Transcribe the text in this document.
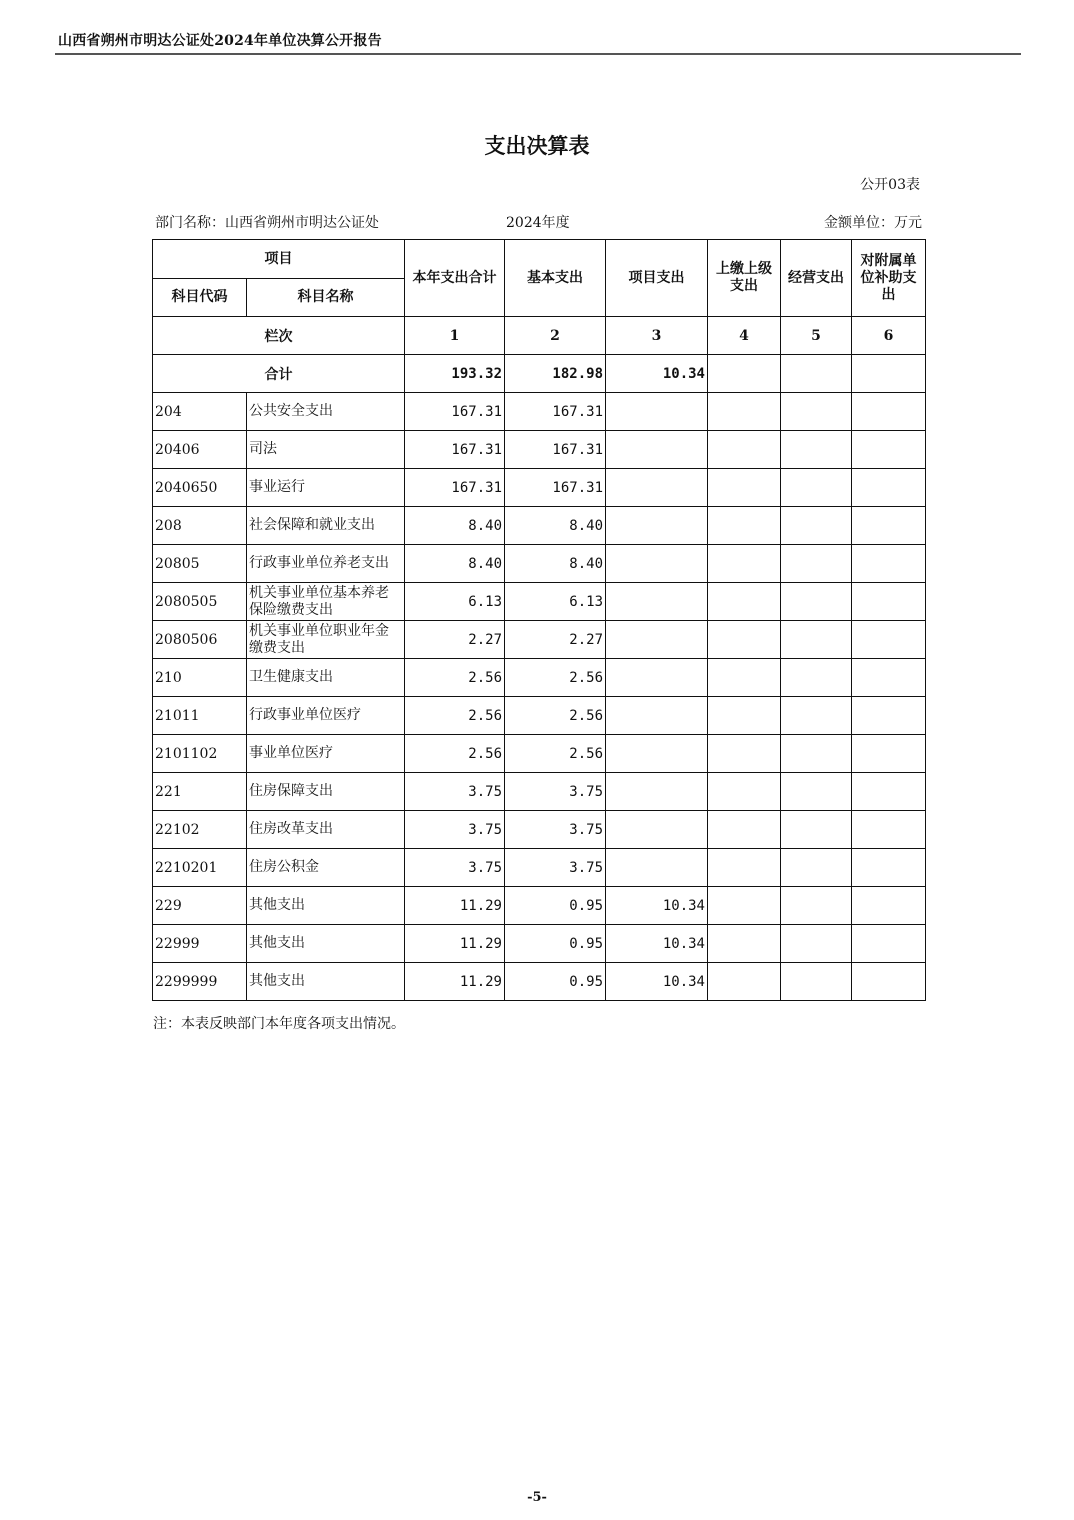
山西省朔州市明达公证处2024年单位决算公开报告
支出决算表
公开03表
部门名称：山西省朔州市明达公证处	2024年度	金额单位：万元
项目		本年支出合计	基本支出	项目支出	上缴上级支出	经营支出	对附属单位补助支出
科目代码	科目名称						
栏次		1	2	3	4	5	6
合计		193.32	182.98	10.34			
204	公共安全支出	167.31	167.31				
20406	司法	167.31	167.31				
2040650	事业运行	167.31	167.31				
208	社会保障和就业支出	8.40	8.40				
20805	行政事业单位养老支出	8.40	8.40				
2080505	机关事业单位基本养老保险缴费支出	6.13	6.13				
2080506	机关事业单位职业年金缴费支出	2.27	2.27				
210	卫生健康支出	2.56	2.56				
21011	行政事业单位医疗	2.56	2.56				
2101102	事业单位医疗	2.56	2.56				
221	住房保障支出	3.75	3.75				
22102	住房改革支出	3.75	3.75				
2210201	住房公积金	3.75	3.75				
229	其他支出	11.29	0.95	10.34			
22999	其他支出	11.29	0.95	10.34			
2299999	其他支出	11.29	0.95	10.34			
注：本表反映部门本年度各项支出情况。
-5-
